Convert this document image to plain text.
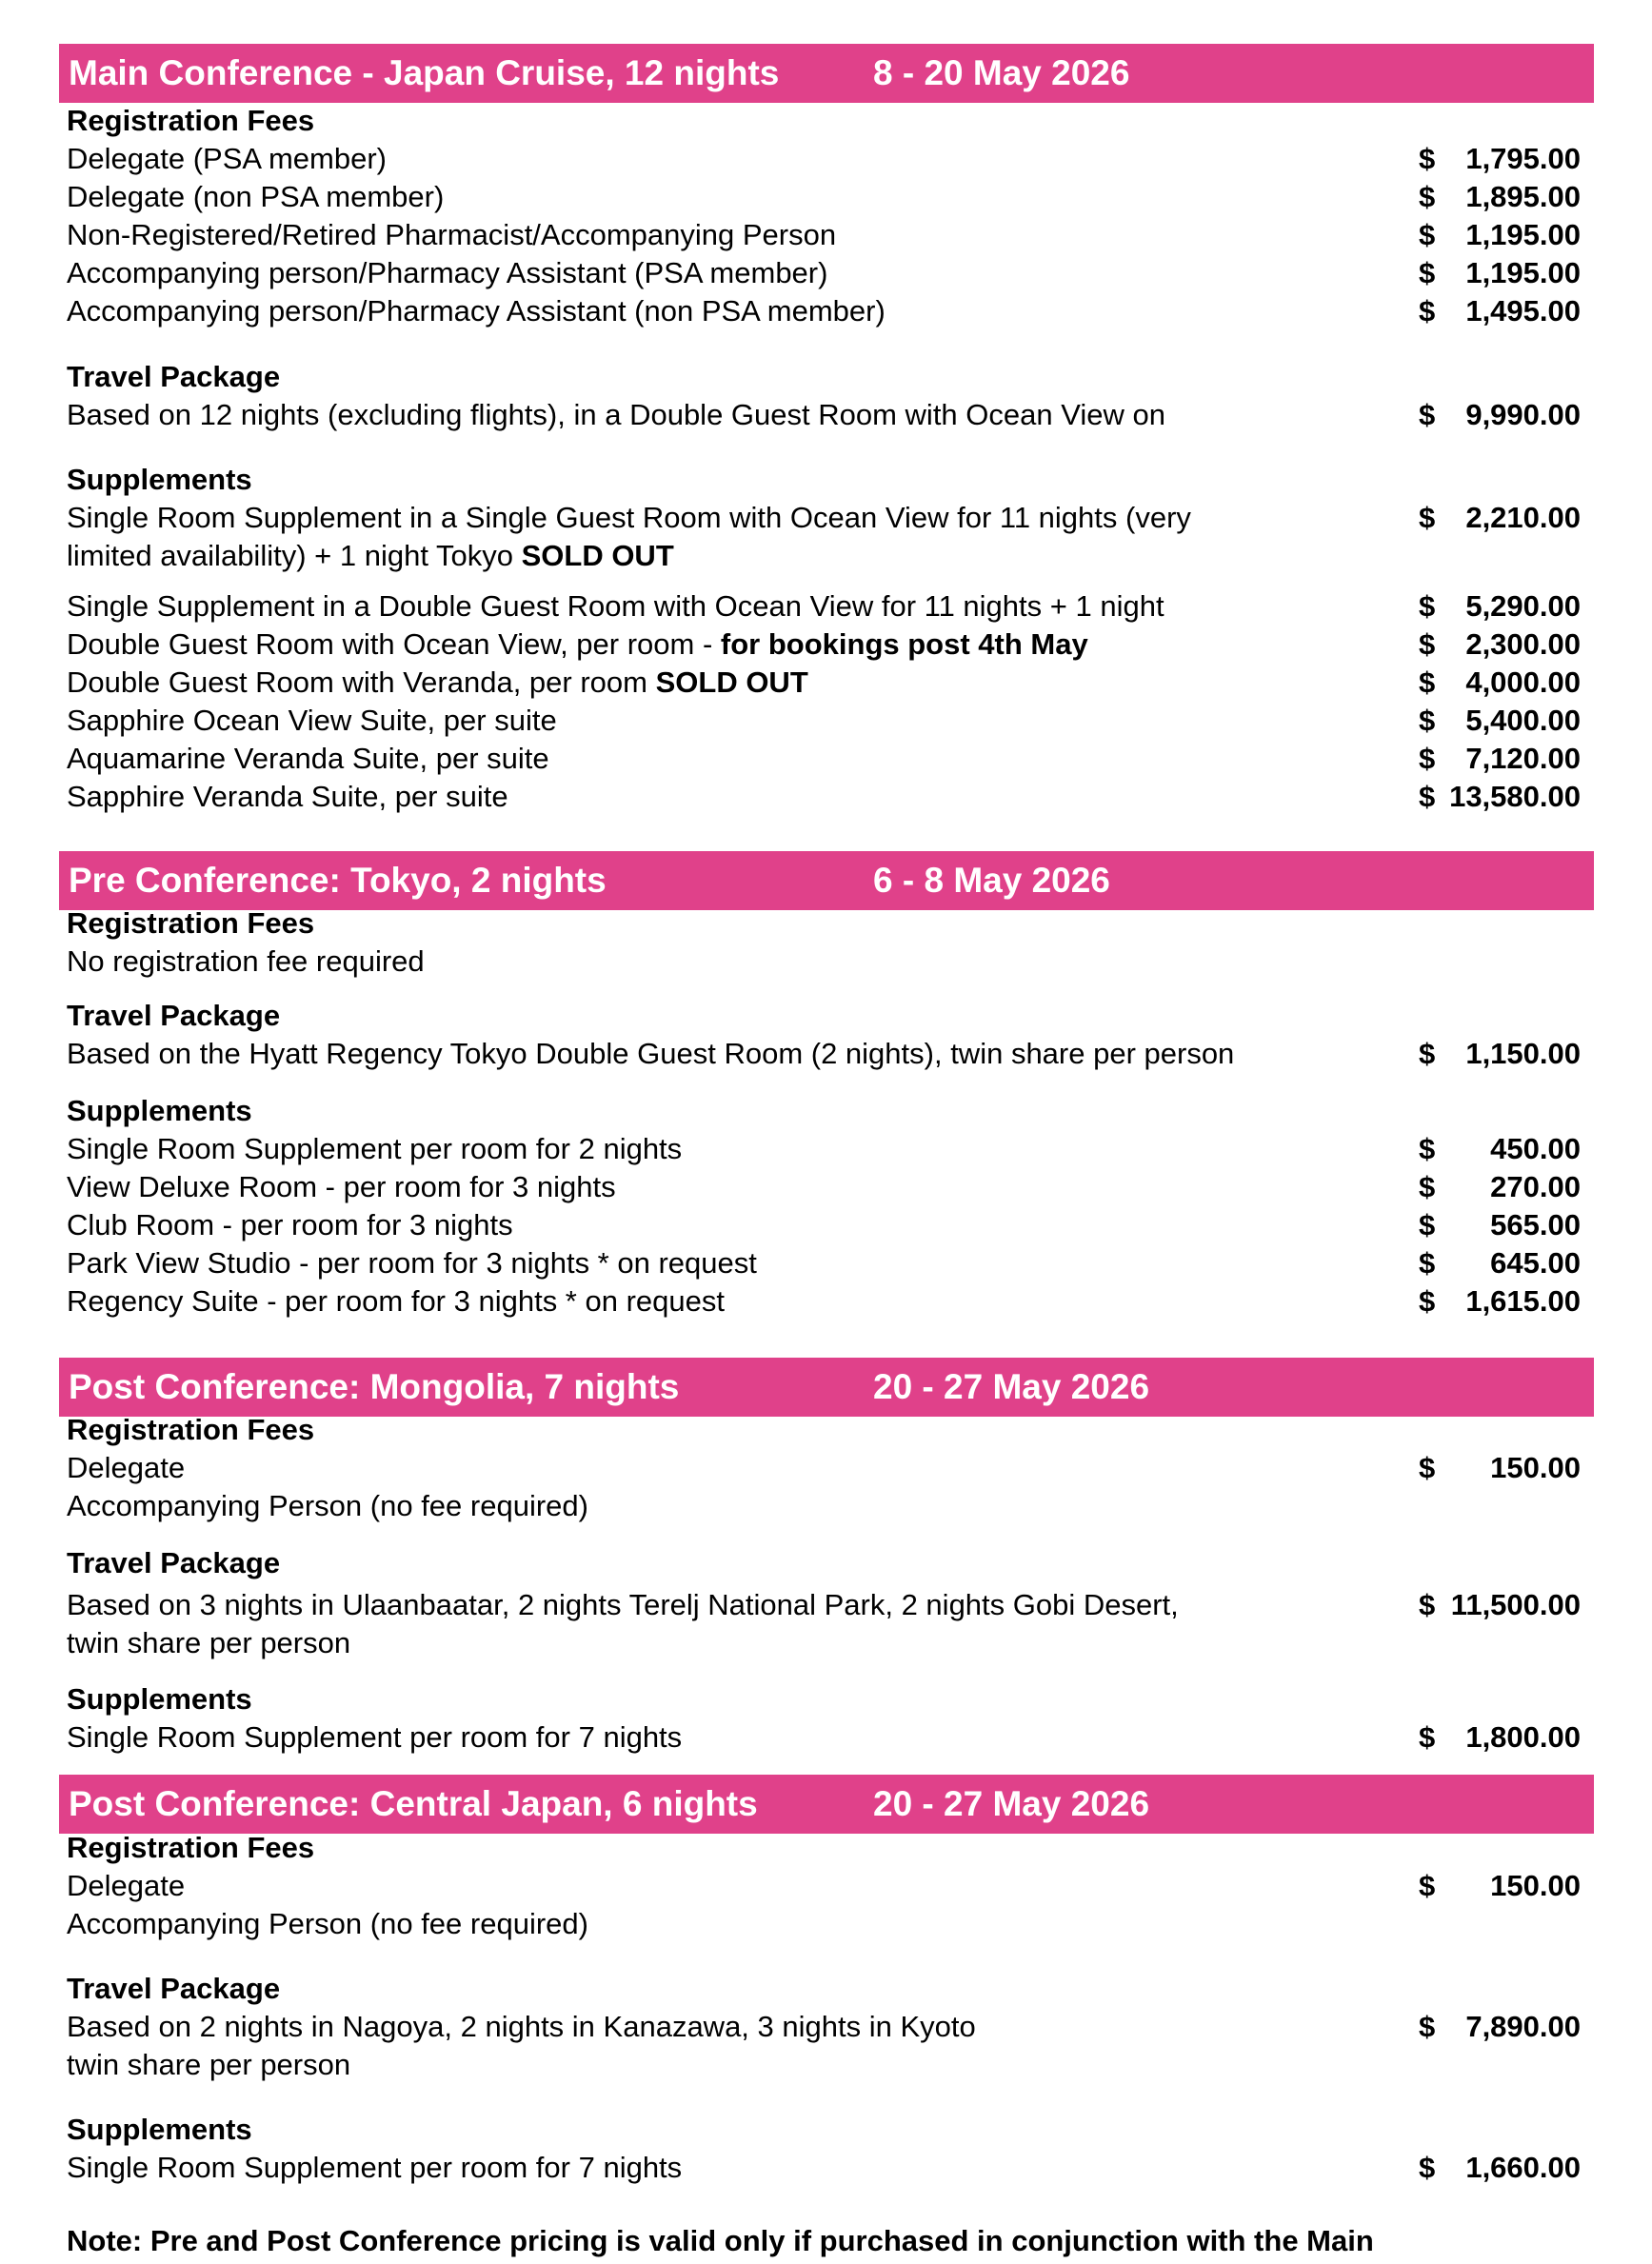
Main Conference - Japan Cruise, 12 nights	8 - 20 May 2026
Registration Fees
Delegate (PSA member)	$ 1,795.00
Delegate (non PSA member)	$ 1,895.00
Non-Registered/Retired Pharmacist/Accompanying Person	$ 1,195.00
Accompanying person/Pharmacy Assistant (PSA member)	$ 1,195.00
Accompanying person/Pharmacy Assistant (non PSA member)	$ 1,495.00
Travel Package
Based on 12 nights (excluding flights), in a Double Guest Room with Ocean View on	$ 9,990.00
Supplements
Single Room Supplement in a Single Guest Room with Ocean View for 11 nights (very	$ 2,210.00
limited availability) + 1 night Tokyo SOLD OUT
Single Supplement in a Double Guest Room with Ocean View for 11 nights + 1 night	$ 5,290.00
Double Guest Room with Ocean View, per room - for bookings post 4th May	$ 2,300.00
Double Guest Room with Veranda, per room SOLD OUT	$ 4,000.00
Sapphire Ocean View Suite, per suite	$ 5,400.00
Aquamarine Veranda Suite, per suite	$ 7,120.00
Sapphire Veranda Suite, per suite	$ 13,580.00
Pre Conference: Tokyo, 2 nights	6 - 8 May 2026
Registration Fees
No registration fee required
Travel Package
Based on the Hyatt Regency Tokyo Double Guest Room (2 nights), twin share per person	$ 1,150.00
Supplements
Single Room Supplement per room for 2 nights	$ 450.00
View Deluxe Room - per room for 3 nights	$ 270.00
Club Room - per room for 3 nights	$ 565.00
Park View Studio - per room for 3 nights * on request	$ 645.00
Regency Suite - per room for 3 nights * on request	$ 1,615.00
Post Conference: Mongolia, 7 nights	20 - 27 May 2026
Registration Fees
Delegate	$ 150.00
Accompanying Person (no fee required)
Travel Package
Based on 3 nights in Ulaanbaatar, 2 nights Terelj National Park, 2 nights Gobi Desert,	$ 11,500.00
twin share per person
Supplements
Single Room Supplement per room for 7 nights	$ 1,800.00
Post Conference: Central Japan, 6 nights	20 - 27 May 2026
Registration Fees
Delegate	$ 150.00
Accompanying Person (no fee required)
Travel Package
Based on 2 nights in Nagoya, 2 nights in Kanazawa, 3 nights in Kyoto	$ 7,890.00
twin share per person
Supplements
Single Room Supplement per room for 7 nights	$ 1,660.00
Note: Pre and Post Conference pricing is valid only if purchased in conjunction with the Main
